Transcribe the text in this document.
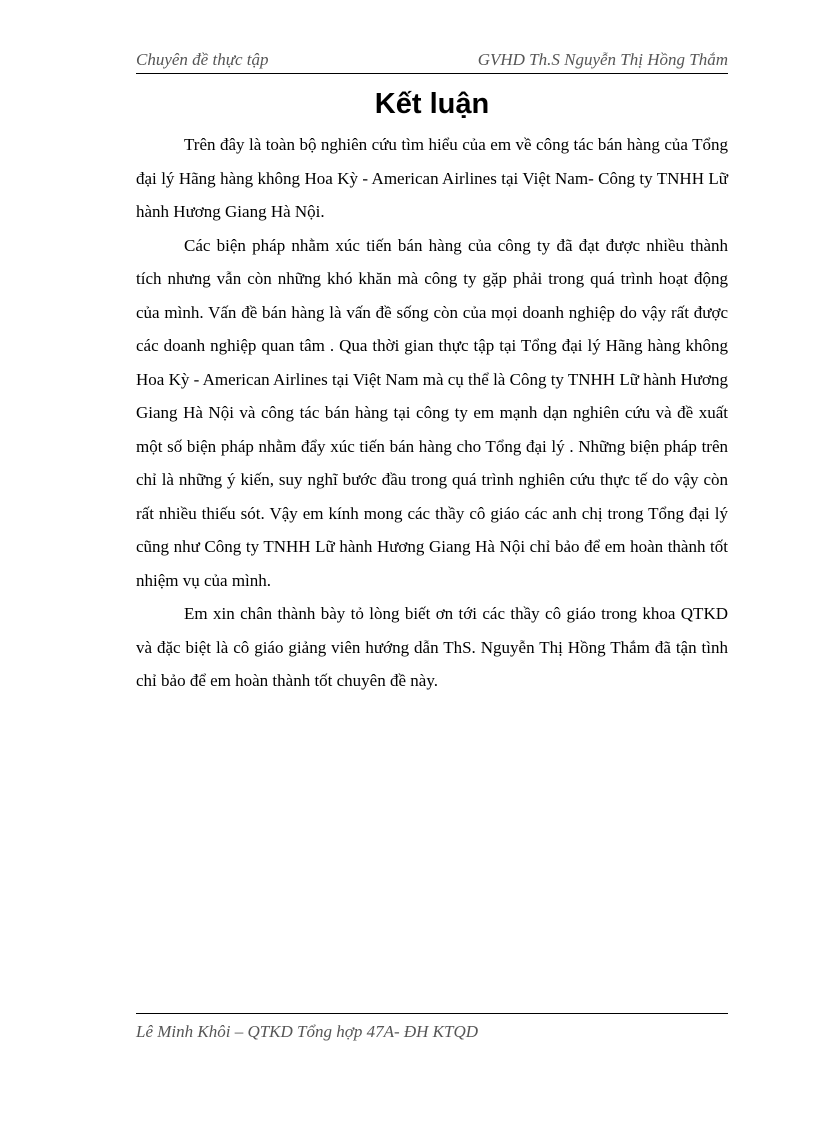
Chuyên đề thực tập	GVHD Th.S Nguyễn Thị Hồng Thắm
Kết luận

Trên đây là toàn bộ nghiên cứu tìm hiểu của em về công tác bán hàng của Tổng đại lý Hãng hàng không Hoa Kỳ - American Airlines tại Việt Nam- Công ty TNHH Lữ hành Hương Giang Hà Nội.

Các biện pháp nhằm xúc tiến bán hàng của công ty đã đạt được nhiều thành tích nhưng vẫn còn những khó khăn mà công ty gặp phải trong quá trình hoạt động của mình. Vấn đề bán hàng là vấn đề sống còn của mọi doanh nghiệp do vậy rất được các doanh nghiệp quan tâm . Qua thời gian thực tập tại Tổng đại lý Hãng hàng không Hoa Kỳ - American Airlines tại Việt Nam mà cụ thể là Công ty TNHH Lữ hành Hương Giang Hà Nội và công tác bán hàng tại công ty em mạnh dạn nghiên cứu và đề xuất một số biện pháp nhằm đẩy xúc tiến bán hàng cho Tổng đại lý . Những biện pháp trên chỉ là những ý kiến, suy nghĩ bước đầu trong quá trình nghiên cứu thực tế do vậy còn rất nhiều thiếu sót. Vậy em kính mong các thầy cô giáo các anh chị trong Tổng đại lý cũng như Công ty TNHH Lữ hành Hương Giang Hà Nội chỉ bảo để em hoàn thành tốt nhiệm vụ của mình.

Em xin chân thành bày tỏ lòng biết ơn tới các thầy cô giáo trong khoa QTKD và đặc biệt là cô giáo giảng viên hướng dẫn ThS. Nguyễn Thị Hồng Thắm đã tận tình chỉ bảo để em hoàn thành tốt chuyên đề này.

Lê Minh Khôi – QTKD Tổng hợp 47A- ĐH KTQD
